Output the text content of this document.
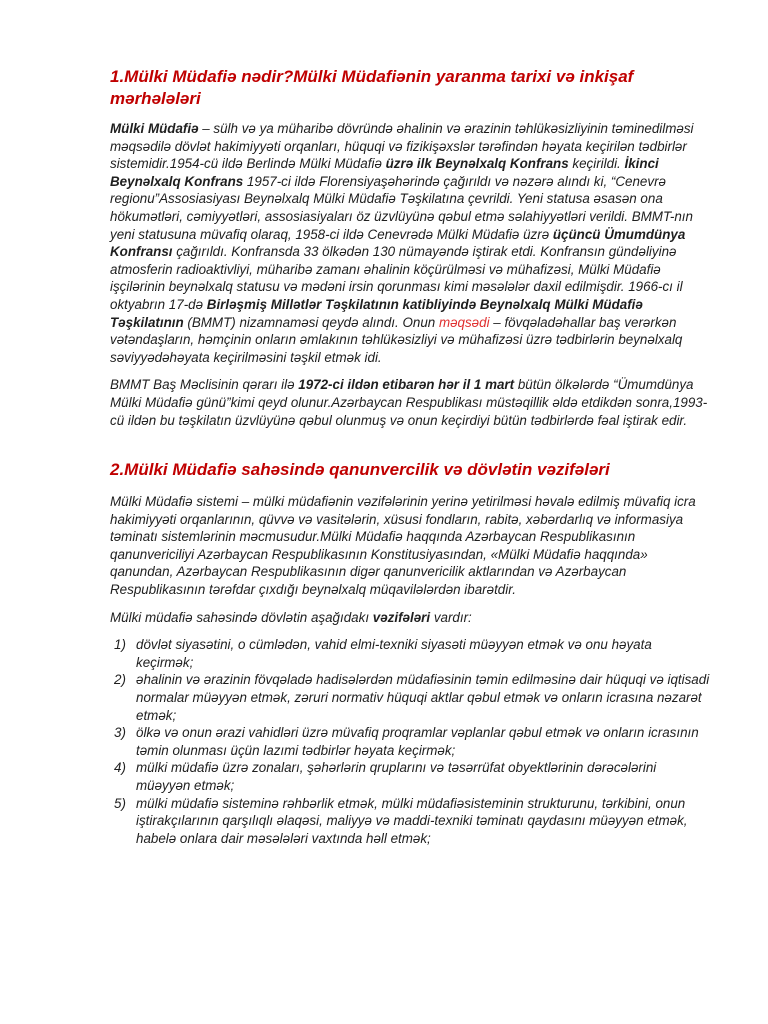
1.Mülki Müdafiə nədir?Mülki Müdafiənin yaranma tarixi və inkişaf mərhələləri

Mülki Müdafiə – sülh və ya müharibə dövründə əhalinin və ərazinin təhlükəsizliyinin təminedilməsi məqsədilə dövlət hakimiyyəti orqanları, hüquqi və fizikişəxslər tərəfindən həyata keçirilən tədbirlər sistemidir.1954-cü ildə Berlində Mülki Müdafiə üzrə ilk Beynəlxalq Konfrans keçirildi. İkinci Beynəlxalq Konfrans 1957-ci ildə Florensiyaşəhərində çağırıldı və nəzərə alındı ki, “Cenevrə regionu”Assosiasiyası Beynəlxalq Mülki Müdafiə Təşkilatına çevrildi. Yeni statusa əsasən ona hökumətləri, cəmiyyətləri, assosiasiyaları öz üzvlüyünə qəbul etmə səlahiyyətləri verildi. BMMT-nın yeni statusuna müvafiq olaraq, 1958-ci ildə Cenevrədə Mülki Müdafiə üzrə üçüncü Ümumdünya Konfransı çağırıldı. Konfransda 33 ölkədən 130 nümayəndə iştirak etdi. Konfransın gündəliyinə atmosferin radioaktivliyi, müharibə zamanı əhalinin köçürülməsi və mühafizəsi, Mülki Müdafiə işçilərinin beynəlxalq statusu və mədəni irsin qorunması kimi məsələlər daxil edilmişdir. 1966-cı il oktyabrın 17-də Birləşmiş Millətlər Təşkilatının katibliyində Beynəlxalq Mülki Müdafiə Təşkilatının (BMMT) nizamnaməsi qeydə alındı. Onun məqsədi – fövqəladəhallar baş verərkən vətəndaşların, həmçinin onların əmlakının təhlükəsizliyi və mühafizəsi üzrə tədbirlərin beynəlxalq səviyyədəhəyata keçirilməsini təşkil etmək idi.

BMMT Baş Məclisinin qərarı ilə 1972-ci ildən etibarən hər il 1 mart bütün ölkələrdə “Ümumdünya Mülki Müdafiə günü”kimi qeyd olunur.Azərbaycan Respublikası müstəqillik əldə etdikdən sonra,1993-cü ildən bu təşkilatın üzvlüyünə qəbul olunmuş və onun keçirdiyi bütün tədbirlərdə fəal iştirak edir.

2.Mülki Müdafiə sahəsində qanunvercilik və dövlətin vəzifələri

Mülki Müdafiə sistemi – mülki müdafiənin vəzifələrinin yerinə yetirilməsi həvalə edilmiş müvafiq icra hakimiyyəti orqanlarının, qüvvə və vasitələrin, xüsusi fondların, rabitə, xəbərdarlıq və informasiya təminatı sistemlərinin məcmusudur.Mülki Müdafiə haqqında Azərbaycan Respublikasının qanunvericiliyi Azərbaycan Respublikasının Konstitusiyasından, «Mülki Müdafiə haqqında» qanundan, Azərbaycan Respublikasının digər qanunvericilik aktlarından və Azərbaycan Respublikasının tərəfdar çıxdığı beynəlxalq müqavilələrdən ibarətdir.

Mülki müdafiə sahəsində dövlətin aşağıdakı vəzifələri vardır:

1) dövlət siyasətini, o cümlədən, vahid elmi-texniki siyasəti müəyyən etmək və onu həyata keçirmək;
2) əhalinin və ərazinin fövqəladə hadisələrdən müdafiəsinin təmin edilməsinə dair hüquqi və iqtisadi normalar müəyyən etmək, zəruri normativ hüquqi aktlar qəbul etmək və onların icrasına nəzarət etmək;
3) ölkə və onun ərazi vahidləri üzrə müvafiq proqramlar vəplanlar qəbul etmək və onların icrasının təmin olunması üçün lazımi tədbirlər həyata keçirmək;
4) mülki müdafiə üzrə zonaları, şəhərlərin qruplarını və təsərrüfat obyektlərinin dərəcələrini müəyyən etmək;
5) mülki müdafiə sisteminə rəhbərlik etmək, mülki müdafiəsisteminin strukturunu, tərkibini, onun iştirakçılarının qarşılıqlı əlaqəsi, maliyyə və maddi-texniki təminatı qaydasını müəyyən etmək, habelə onlara dair məsələləri vaxtında həll etmək;
